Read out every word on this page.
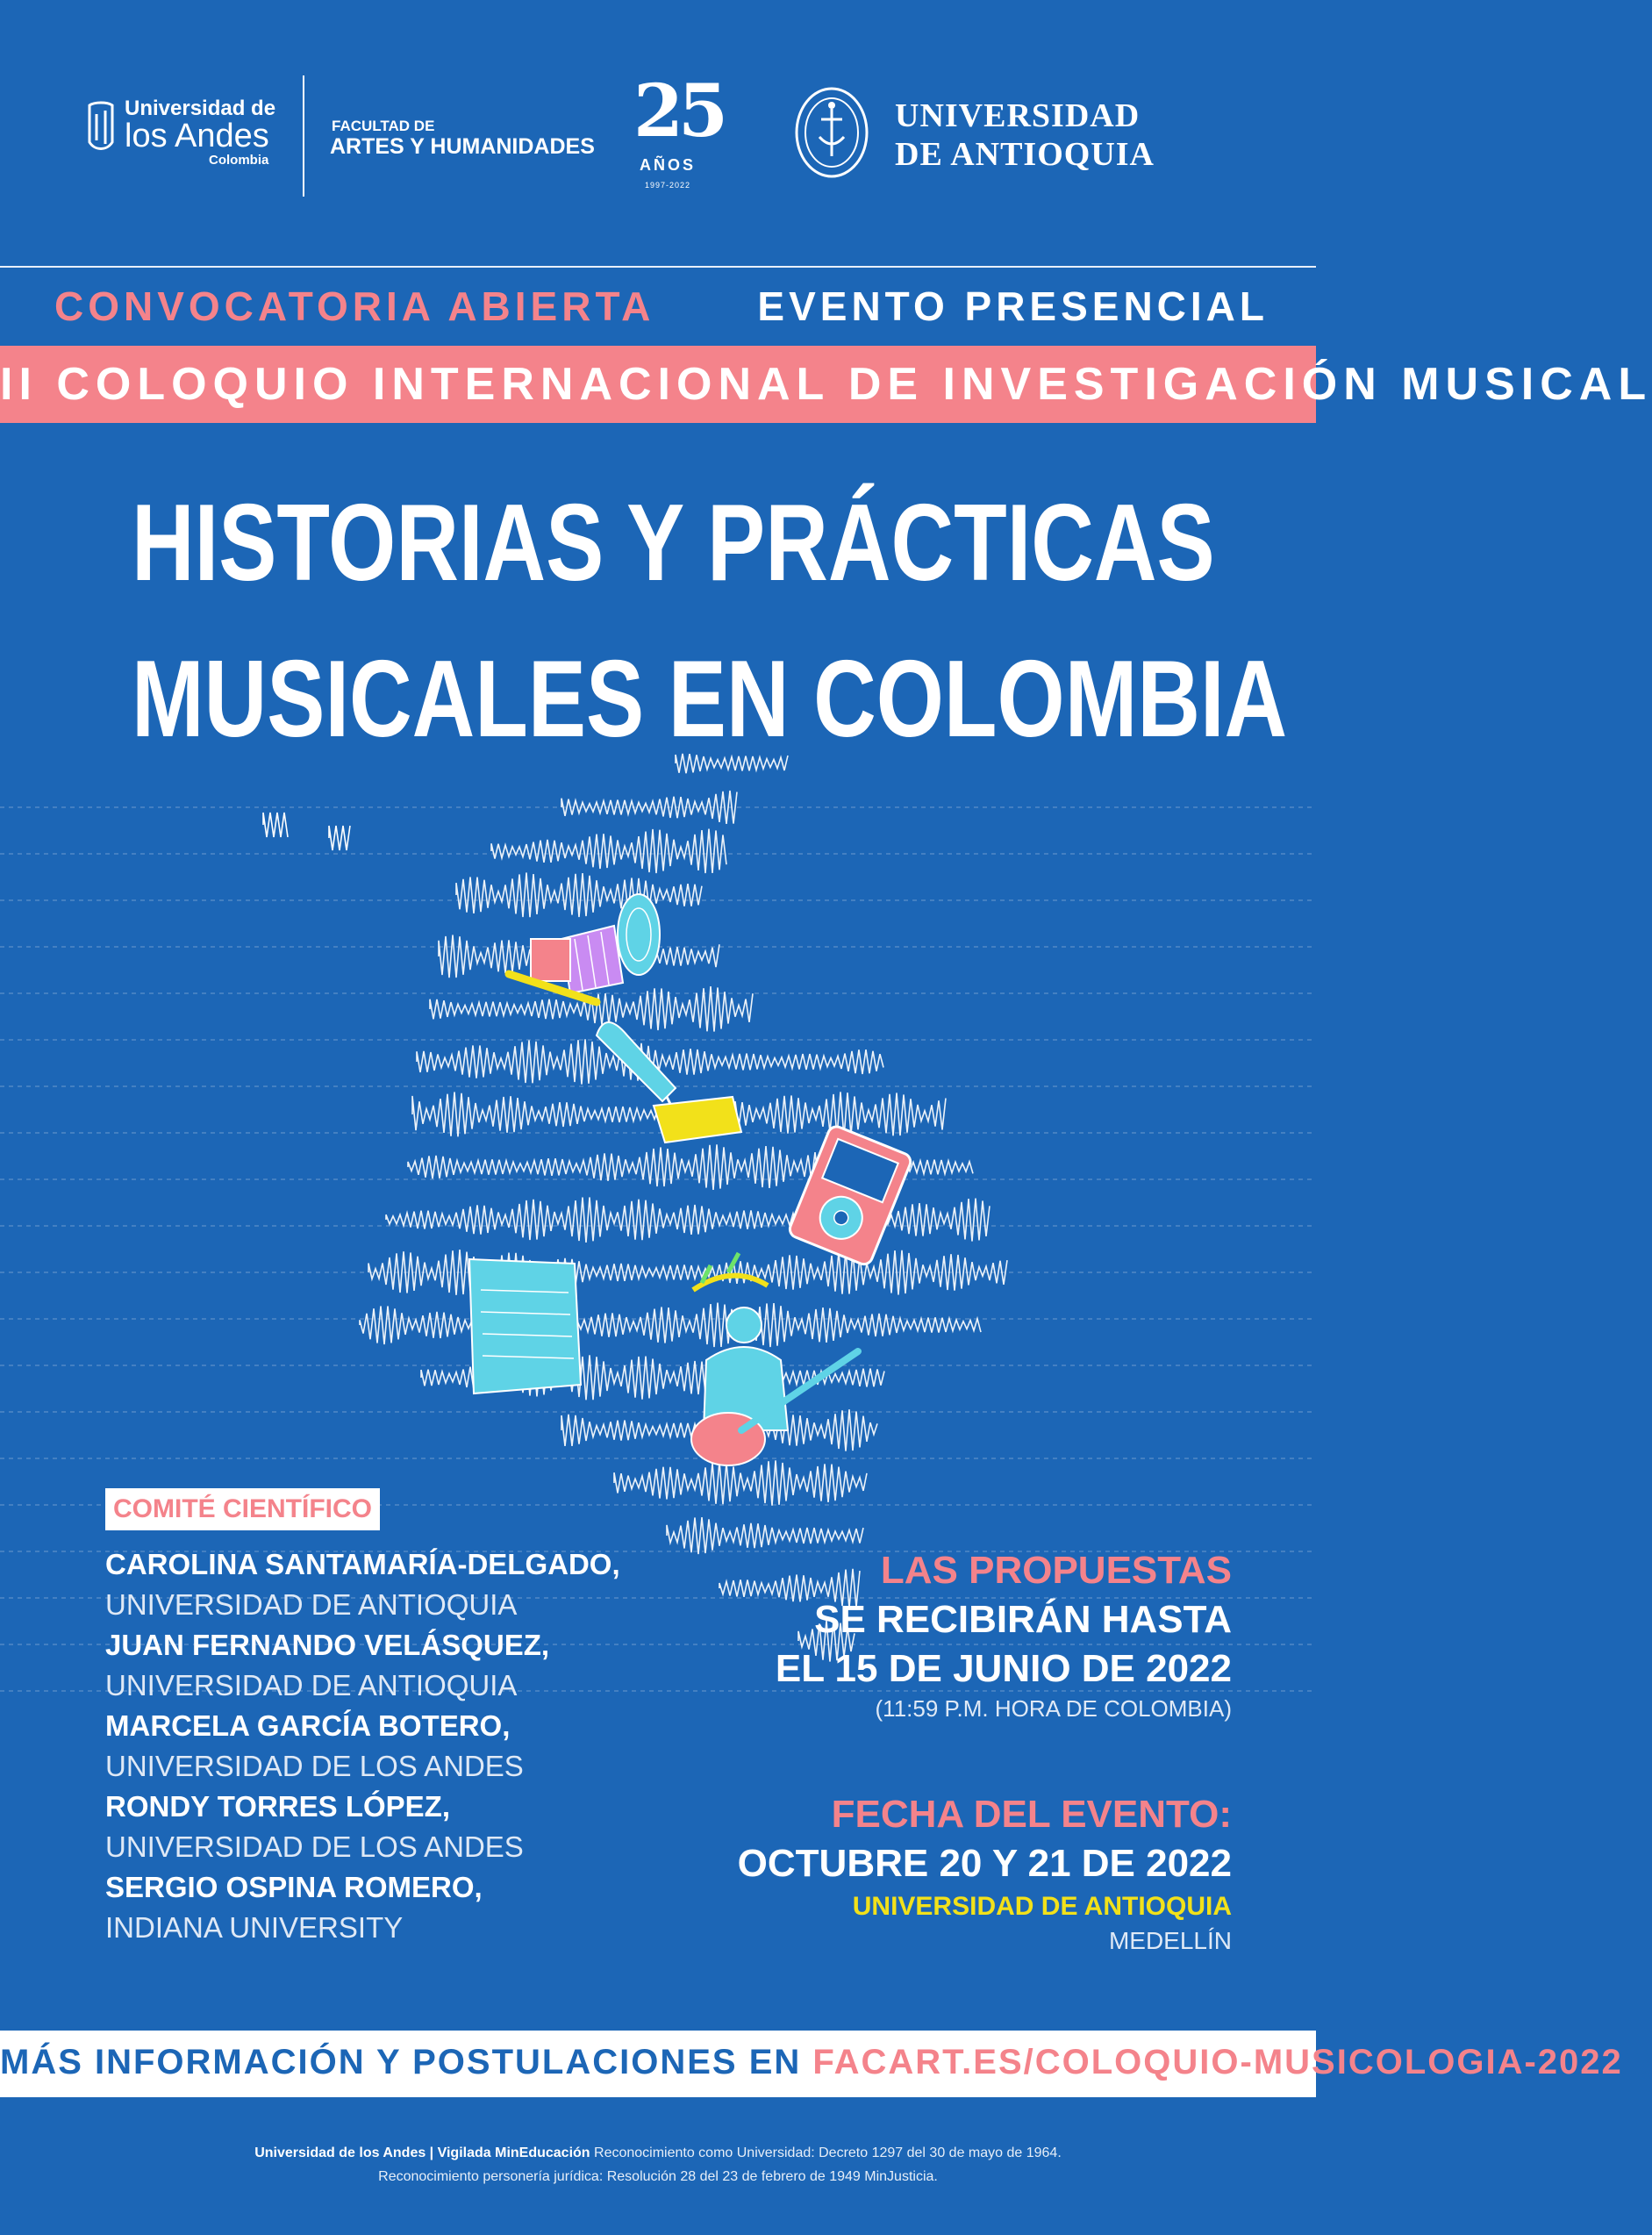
Universidad de
los Andes
Colombia
FACULTAD DE
ARTES Y HUMANIDADES 25
AÑOS
1997-2022
UNIVERSIDAD
DE ANTIOQUIA
CONVOCATORIA ABIERTA	EVENTO PRESENCIAL
II COLOQUIO INTERNACIONAL DE INVESTIGACIÓN MUSICAL
HISTORIAS Y PRÁCTICAS
MUSICALES EN COLOMBIA
COMITÉ CIENTÍFICO
CAROLINA SANTAMARÍA-DELGADO,
UNIVERSIDAD DE ANTIOQUIA
JUAN FERNANDO VELÁSQUEZ,
UNIVERSIDAD DE ANTIOQUIA
MARCELA GARCÍA BOTERO,
UNIVERSIDAD DE LOS ANDES
RONDY TORRES LÓPEZ,
UNIVERSIDAD DE LOS ANDES
SERGIO OSPINA ROMERO,
INDIANA UNIVERSITY
LAS PROPUESTAS
SE RECIBIRÁN HASTA
EL 15 DE JUNIO DE 2022
(11:59 P.M. HORA DE COLOMBIA)
FECHA DEL EVENTO:
OCTUBRE 20 Y 21 DE 2022
UNIVERSIDAD DE ANTIOQUIA
MEDELLÍN
MÁS INFORMACIÓN Y POSTULACIONES EN FACART.ES/COLOQUIO-MUSICOLOGIA-2022
Universidad de los Andes | Vigilada MinEducación Reconocimiento como Universidad: Decreto 1297 del 30 de mayo de 1964.
Reconocimiento personería jurídica: Resolución 28 del 23 de febrero de 1949 MinJusticia.
